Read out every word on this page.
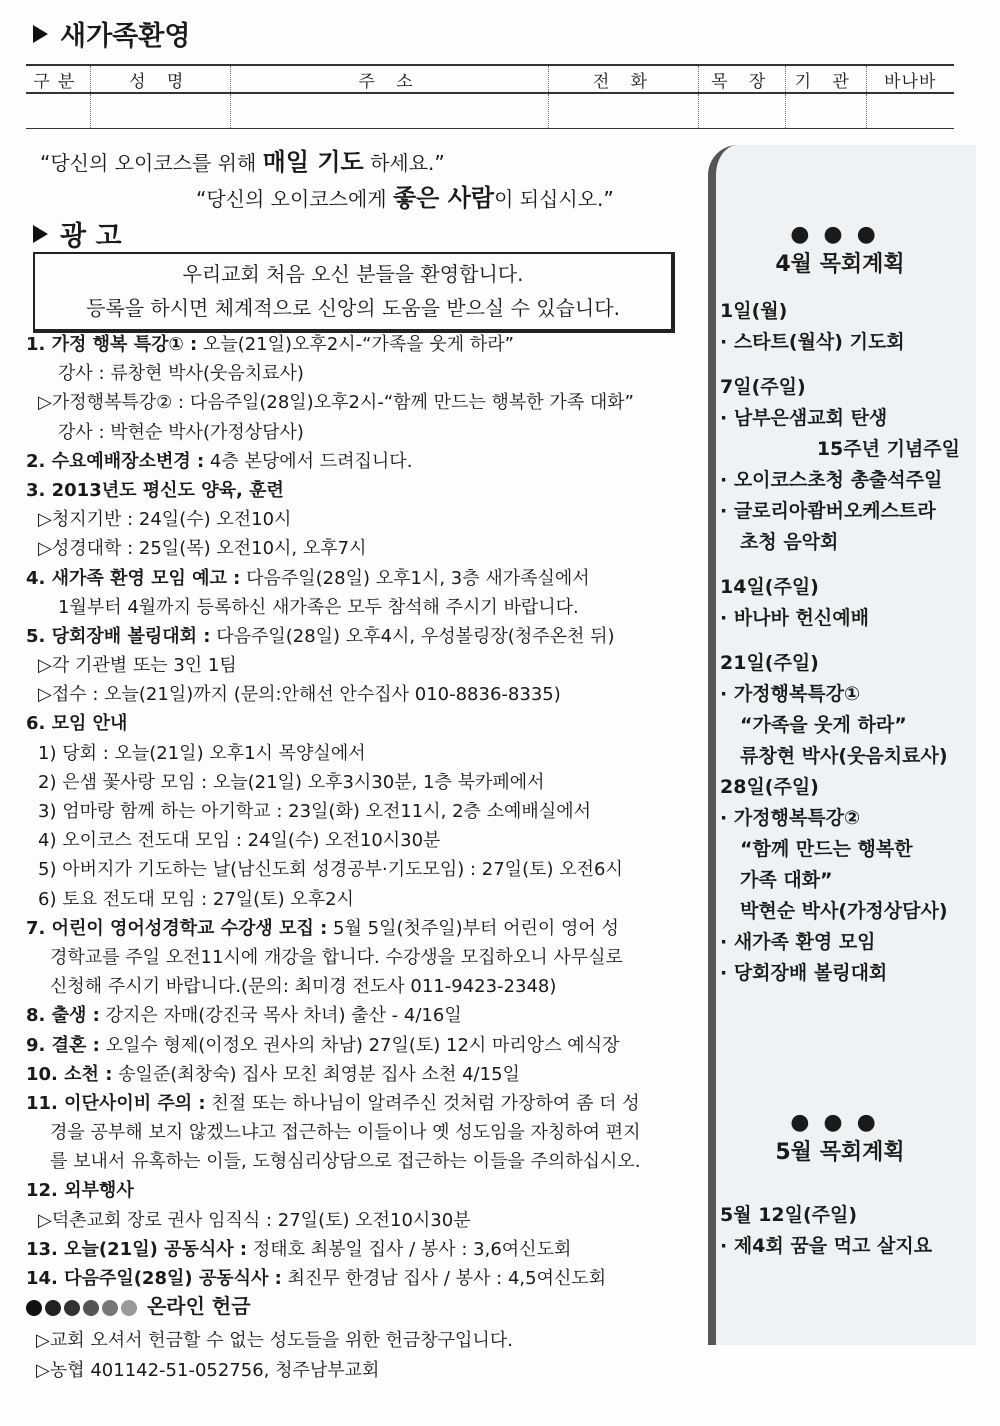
새가족환영
구분	성 명	주 소	전 화	목 장	기 관	바나바

“당신의 오이코스를 위해 매일 기도 하세요.”
“당신의 오이코스에게 좋은 사람이 되십시오.”
광 고
우리교회 처음 오신 분들을 환영합니다.
등록을 하시면 체계적으로 신앙의 도움을 받으실 수 있습니다.
1. 가정 행복 특강① : 오늘(21일)오후2시-“가족을 웃게 하라”
강사 : 류창현 박사(웃음치료사)
▷가정행복특강② : 다음주일(28일)오후2시-“함께 만드는 행복한 가족 대화”
강사 : 박현순 박사(가정상담사)
2. 수요예배장소변경 : 4층 본당에서 드려집니다.
3. 2013년도 평신도 양육, 훈련
▷청지기반 : 24일(수) 오전10시
▷성경대학 : 25일(목) 오전10시, 오후7시
4. 새가족 환영 모임 예고 : 다음주일(28일) 오후1시, 3층 새가족실에서
1월부터 4월까지 등록하신 새가족은 모두 참석해 주시기 바랍니다.
5. 당회장배 볼링대회 : 다음주일(28일) 오후4시, 우성볼링장(청주온천 뒤)
▷각 기관별 또는 3인 1팀
▷접수 : 오늘(21일)까지 (문의:안해선 안수집사 010-8836-8335)
6. 모임 안내
1) 당회 : 오늘(21일) 오후1시 목양실에서
2) 은샘 꽃사랑 모임 : 오늘(21일) 오후3시30분, 1층 북카페에서
3) 엄마랑 함께 하는 아기학교 : 23일(화) 오전11시, 2층 소예배실에서
4) 오이코스 전도대 모임 : 24일(수) 오전10시30분
5) 아버지가 기도하는 날(남신도회 성경공부·기도모임) : 27일(토) 오전6시
6) 토요 전도대 모임 : 27일(토) 오후2시
7. 어린이 영어성경학교 수강생 모집 : 5월 5일(첫주일)부터 어린이 영어 성
경학교를 주일 오전11시에 개강을 합니다. 수강생을 모집하오니 사무실로
신청해 주시기 바랍니다.(문의: 최미경 전도사 011-9423-2348)
8. 출생 : 강지은 자매(강진국 목사 차녀) 출산 - 4/16일
9. 결혼 : 오일수 형제(이정오 권사의 차남) 27일(토) 12시 마리앙스 예식장
10. 소천 : 송일준(최창숙) 집사 모친 최영분 집사 소천 4/15일
11. 이단사이비 주의 : 친절 또는 하나님이 알려주신 것처럼 가장하여 좀 더 성
경을 공부해 보지 않겠느냐고 접근하는 이들이나 옛 성도임을 자칭하여 편지
를 보내서 유혹하는 이들, 도형심리상담으로 접근하는 이들을 주의하십시오.
12. 외부행사
▷덕촌교회 장로 권사 임직식 : 27일(토) 오전10시30분
13. 오늘(21일) 공동식사 : 정태호 최봉일 집사 / 봉사 : 3,6여신도회
14. 다음주일(28일) 공동식사 : 최진무 한경남 집사 / 봉사 : 4,5여신도회
온라인 헌금
▷교회 오셔서 헌금할 수 없는 성도들을 위한 헌금창구입니다.
▷농협 401142-51-052756, 청주남부교회
●●●
4월 목회계획
1일(월)
· 스타트(월삭) 기도회
7일(주일)
· 남부은샘교회 탄생
15주년 기념주일
· 오이코스초청 총출석주일
· 글로리아쾀버오케스트라
초청 음악회
14일(주일)
· 바나바 헌신예배
21일(주일)
· 가정행복특강①
“가족을 웃게 하라”
류창현 박사(웃음치료사)
28일(주일)
· 가정행복특강②
“함께 만드는 행복한
가족 대화”
박현순 박사(가정상담사)
· 새가족 환영 모임
· 당회장배 볼링대회
●●●
5월 목회계획
5월 12일(주일)
· 제4회 꿈을 먹고 살지요
